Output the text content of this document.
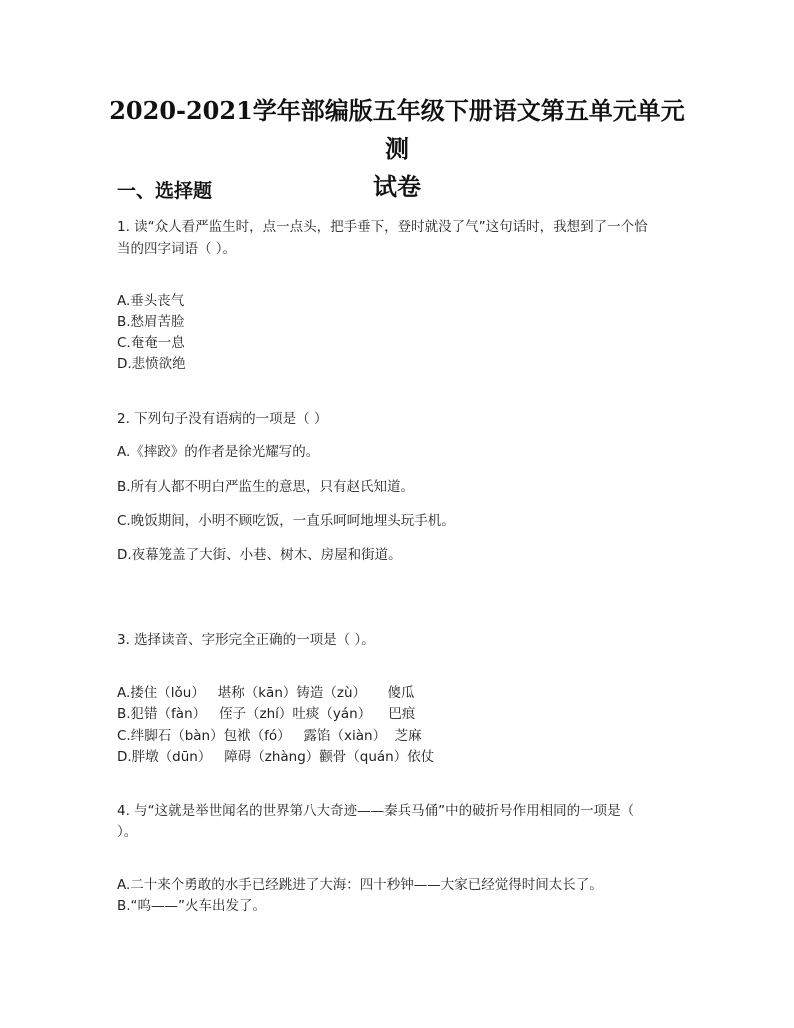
2020-2021学年部编版五年级下册语文第五单元单元测
试卷
一、选择题
1. 读“众人看严监生时，点一点头，把手垂下，登时就没了气”这句话时，我想到了一个恰
当的四字词语（ ）。
A.垂头丧气
B.愁眉苦脸
C.奄奄一息
D.悲愤欲绝
2. 下列句子没有语病的一项是（ ）
A.《摔跤》的作者是徐光耀写的。
B.所有人都不明白严监生的意思，只有赵氏知道。
C.晚饭期间，小明不顾吃饭，一直乐呵呵地埋头玩手机。
D.夜幕笼盖了大街、小巷、树木、房屋和街道。
3. 选择读音、字形完全正确的一项是（ ）。
A.搂住（lǒu）   堪称（kān）铸造（zù）     傻瓜
B.犯错（fàn）   侄子（zhí）吐痰（yán）    巴痕
C.绊脚石（bàn）包袱（fó）   露馅（xiàn）  芝麻
D.胖墩（dūn）   障碍（zhàng）颧骨（quán）依仗
4. 与“这就是举世闻名的世界第八大奇迹——秦兵马俑”中的破折号作用相同的一项是（
）。
A.二十来个勇敢的水手已经跳进了大海：四十秒钟——大家已经觉得时间太长了。
B.“呜——”火车出发了。
